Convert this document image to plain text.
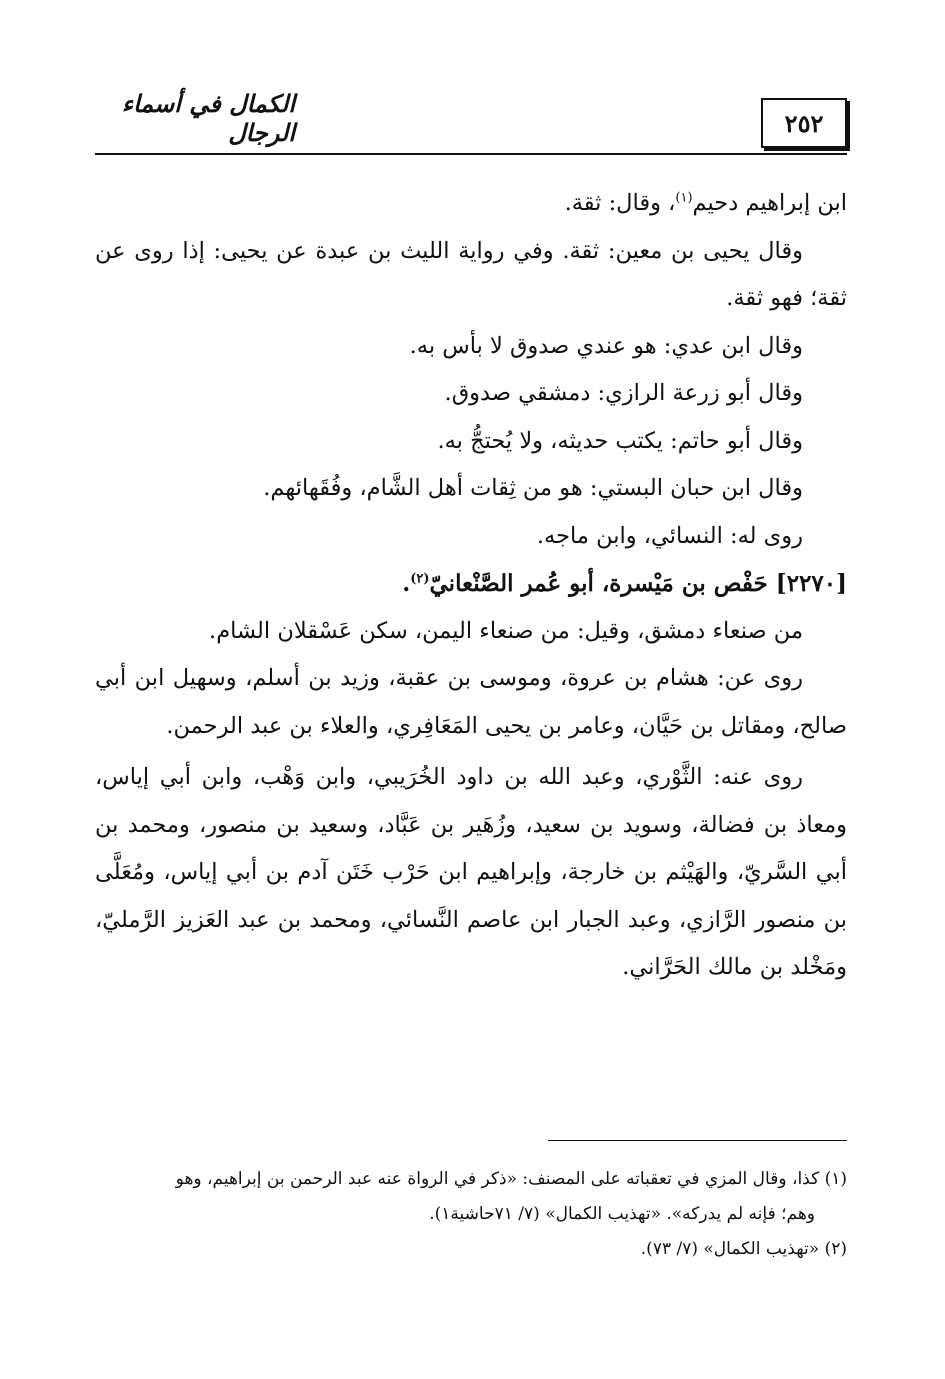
الكمال في أسماء الرجال	٢٥٢

ابن إبراهيم دحيم$^{(١)}$، وقال: ثقة.

وقال يحيى بن معين: ثقة. وفي رواية الليث بن عبدة عن يحيى: إذا روى عن ثقة؛ فهو ثقة.

وقال ابن عدي: هو عندي صدوق لا بأس به.

وقال أبو زرعة الرازي: دمشقي صدوق.

وقال أبو حاتم: يكتب حديثه، ولا يُحتجُّ به.

وقال ابن حبان البستي: هو من ثِقات أهل الشَّام، وفُقَهائهم.

روى له: النسائي، وابن ماجه.

[٢٢٧٠] حَفْص بن مَيْسرة، أبو عُمر الصَّنْعانيّ$^{(٢)}$.

من صنعاء دمشق، وقيل: من صنعاء اليمن، سكن عَسْقلان الشام.

روى عن: هشام بن عروة، وموسى بن عقبة، وزيد بن أسلم، وسهيل ابن أبي صالح، ومقاتل بن حَيَّان، وعامر بن يحيى المَعَافِري، والعلاء بن عبد الرحمن.

روى عنه: الثَّوْري، وعبد الله بن داود الخُرَيبي، وابن وَهْب، وابن أبي إياس، ومعاذ بن فضالة، وسويد بن سعيد، وزُهَير بن عَبَّاد، وسعيد بن منصور، ومحمد بن أبي السَّريّ، والهَيْثم بن خارجة، وإبراهيم ابن حَرْب خَتَن آدم بن أبي إياس، ومُعَلَّى بن منصور الرَّازي، وعبد الجبار ابن عاصم النَّسائي، ومحمد بن عبد العَزيز الرَّمليّ، ومَخْلد بن مالك الحَرَّاني.

(١) كذا، وقال المزي في تعقباته على المصنف: «ذكر في الرواة عنه عبد الرحمن بن إبراهيم، وهو

وهم؛ فإنه لم يدركه». «تهذيب الكمال» (٧/ ٧١حاشية١).

(٢) «تهذيب الكمال» (٧/ ٧٣).
